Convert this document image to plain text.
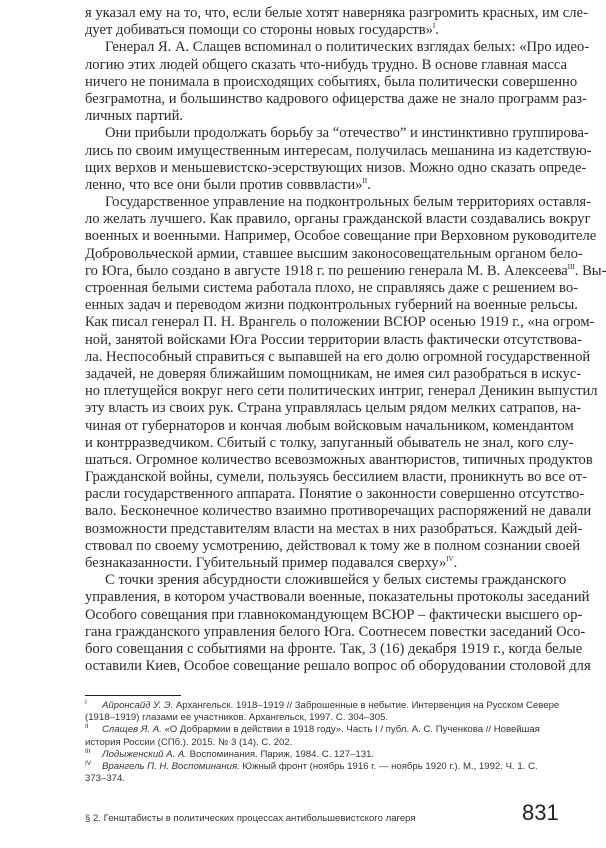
я указал ему на то, что, если белые хотят наверняка разгромить красных, им сле-
дует добиваться помощи со стороны новых государств»$^I$.
Генерал Я. А. Слащев вспоминал о политических взглядах белых: «Про идео-
логию этих людей общего сказать что-нибудь трудно. В основе главная масса
ничего не понимала в происходящих событиях, была политически совершенно
безграмотна, и большинство кадрового офицерства даже не знало программ раз-
личных партий.
Они прибыли продолжать борьбу за “отечество” и инстинктивно группирова-
лись по своим имущественным интересам, получилась мешанина из кадетствую-
щих верхов и меньшевистско-эсерствующих низов. Можно одно сказать опреде-
ленно, что все они были против совввласти»$^{II}$.
Государственное управление на подконтрольных белым территориях оставля-
ло желать лучшего. Как правило, органы гражданской власти создавались вокруг
военных и военными. Например, Особое совещание при Верховном руководителе
Добровольческой армии, ставшее высшим законосовещательным органом бело-
го Юга, было создано в августе 1918 г. по решению генерала М. В. Алексеева$^{III}$. Вы-
строенная белыми система работала плохо, не справляясь даже с решением во-
енных задач и переводом жизни подконтрольных губерний на военные рельсы.
Как писал генерал П. Н. Врангель о положении ВСЮР осенью 1919 г., «на огром-
ной, занятой войсками Юга России территории власть фактически отсутствова-
ла. Неспособный справиться с выпавшей на его долю огромной государственной
задачей, не доверяя ближайшим помощникам, не имея сил разобраться в искус-
но плетущейся вокруг него сети политических интриг, генерал Деникин выпустил
эту власть из своих рук. Страна управлялась целым рядом мелких сатрапов, на-
чиная от губернаторов и кончая любым войсковым начальником, комендантом
и контрразведчиком. Сбитый с толку, запуганный обыватель не знал, кого слу-
шаться. Огромное количество всевозможных авантюристов, типичных продуктов
Гражданской войны, сумели, пользуясь бессилием власти, проникнуть во все от-
расли государственного аппарата. Понятие о законности совершенно отсутство-
вало. Бесконечное количество взаимно противоречащих распоряжений не давали
возможности представителям власти на местах в них разобраться. Каждый дей-
ствовал по своему усмотрению, действовал к тому же в полном сознании своей
безнаказанности. Губительный пример подавался сверху»$^{IV}$.
С точки зрения абсурдности сложившейся у белых системы гражданского
управления, в котором участвовали военные, показательны протоколы заседаний
Особого совещания при главнокомандующем ВСЮР – фактически высшего ор-
гана гражданского управления белого Юга. Соотнесем повестки заседаний Осо-
бого совещания с событиями на фронте. Так, 3 (16) декабря 1919 г., когда белые
оставили Киев, Особое совещание решало вопрос об оборудовании столовой для
I Айронсайд У. Э. Архангельск. 1918–1919 // Заброшенные в небытие. Интервенция на Русском Севере (1918–1919) глазами ее участников. Архангельск, 1997. С. 304–305.
II Слащев Я. А. «О Добрармии в действии в 1918 году». Часть I / публ. А. С. Пученкова // Новейшая история России (СПб.). 2015. № 3 (14). С. 202.
III Лодыженский А. А. Воспоминания. Париж, 1984. С. 127–131.
IV Врангель П. Н. Воспоминания. Южный фронт (ноябрь 1916 г. — ноябрь 1920 г.). М., 1992. Ч. 1. С. 373–374.
§ 2. Генштабисты в политических процессах антибольшевистского лагеря	831
